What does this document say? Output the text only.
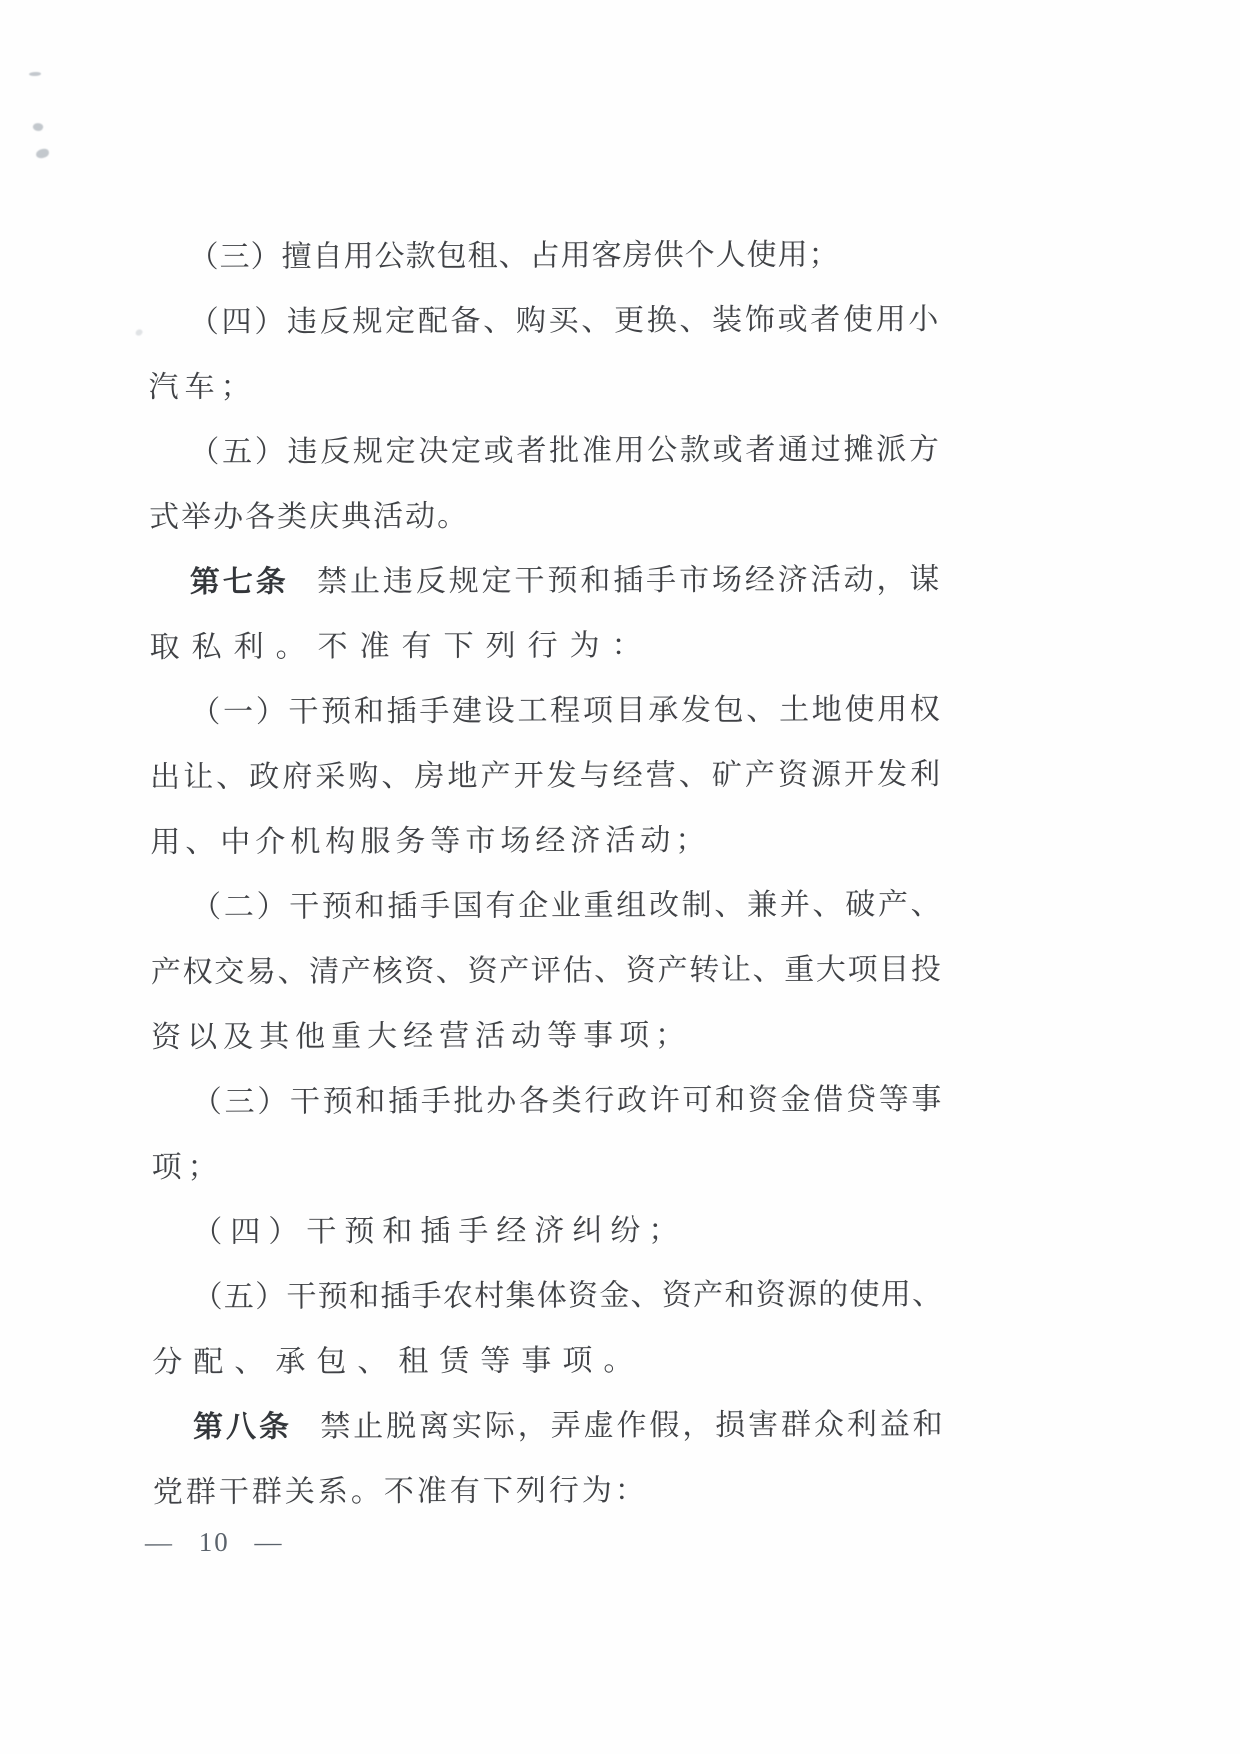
（三）擅自用公款包租、占用客房供个人使用；
（四）违反规定配备、购买、更换、装饰或者使用小
汽车；
（五）违反规定决定或者批准用公款或者通过摊派方
式举办各类庆典活动。
第七条 禁止违反规定干预和插手市场经济活动，谋
取私利。不准有下列行为：
（一）干预和插手建设工程项目承发包、土地使用权
出让、政府采购、房地产开发与经营、矿产资源开发利
用、中介机构服务等市场经济活动；
（二）干预和插手国有企业重组改制、兼并、破产、
产权交易、清产核资、资产评估、资产转让、重大项目投
资以及其他重大经营活动等事项；
（三）干预和插手批办各类行政许可和资金借贷等事
项；
（四）干预和插手经济纠纷；
（五）干预和插手农村集体资金、资产和资源的使用、
分配、承包、租赁等事项。
第八条 禁止脱离实际，弄虚作假，损害群众利益和
党群干群关系。不准有下列行为：
— 10 —
